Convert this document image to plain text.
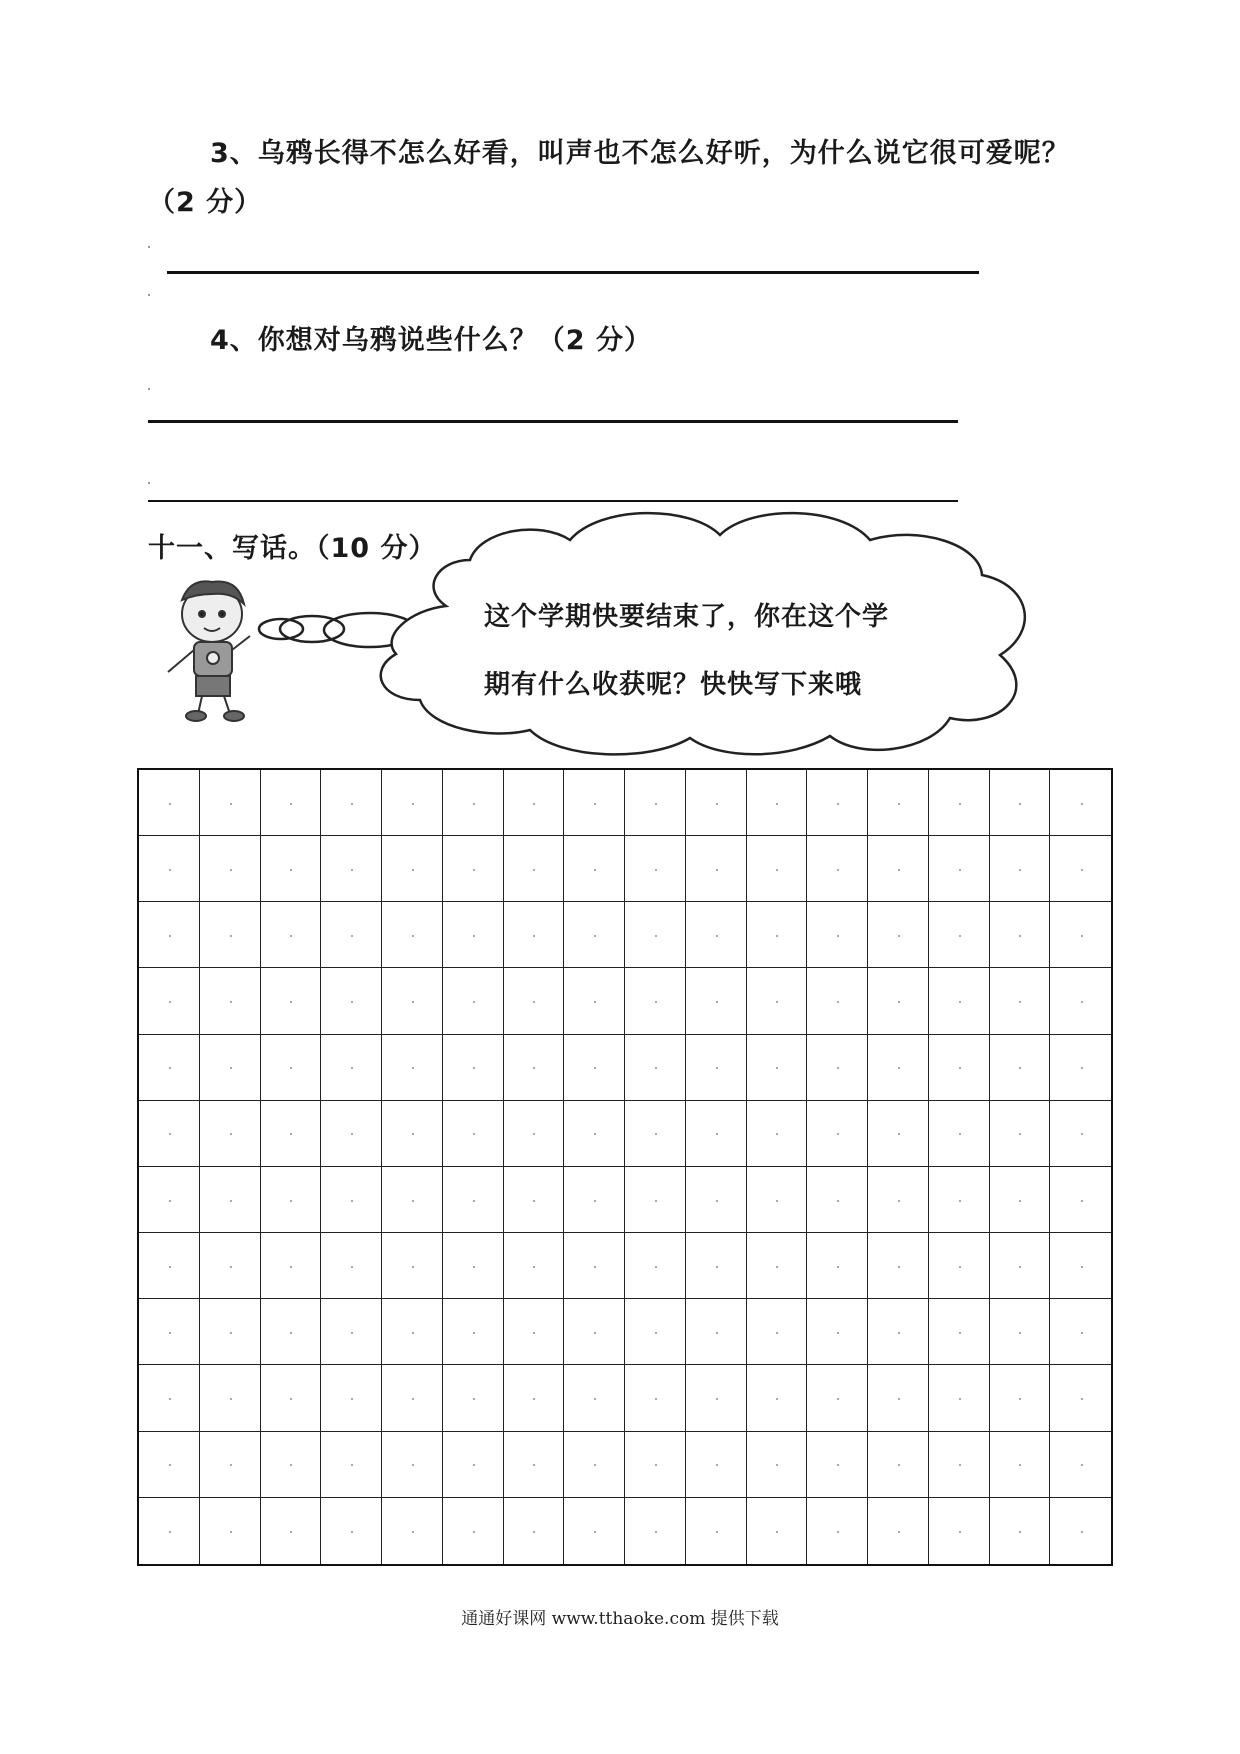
3、乌鸦长得不怎么好看，叫声也不怎么好听，为什么说它很可爱呢？
（2 分）
4、你想对乌鸦说些什么？（2 分）
十一、写话。（10 分）
这个学期快要结束了，你在这个学
期有什么收获呢？快快写下来哦
通通好课网 www.tthaoke.com 提供下载
